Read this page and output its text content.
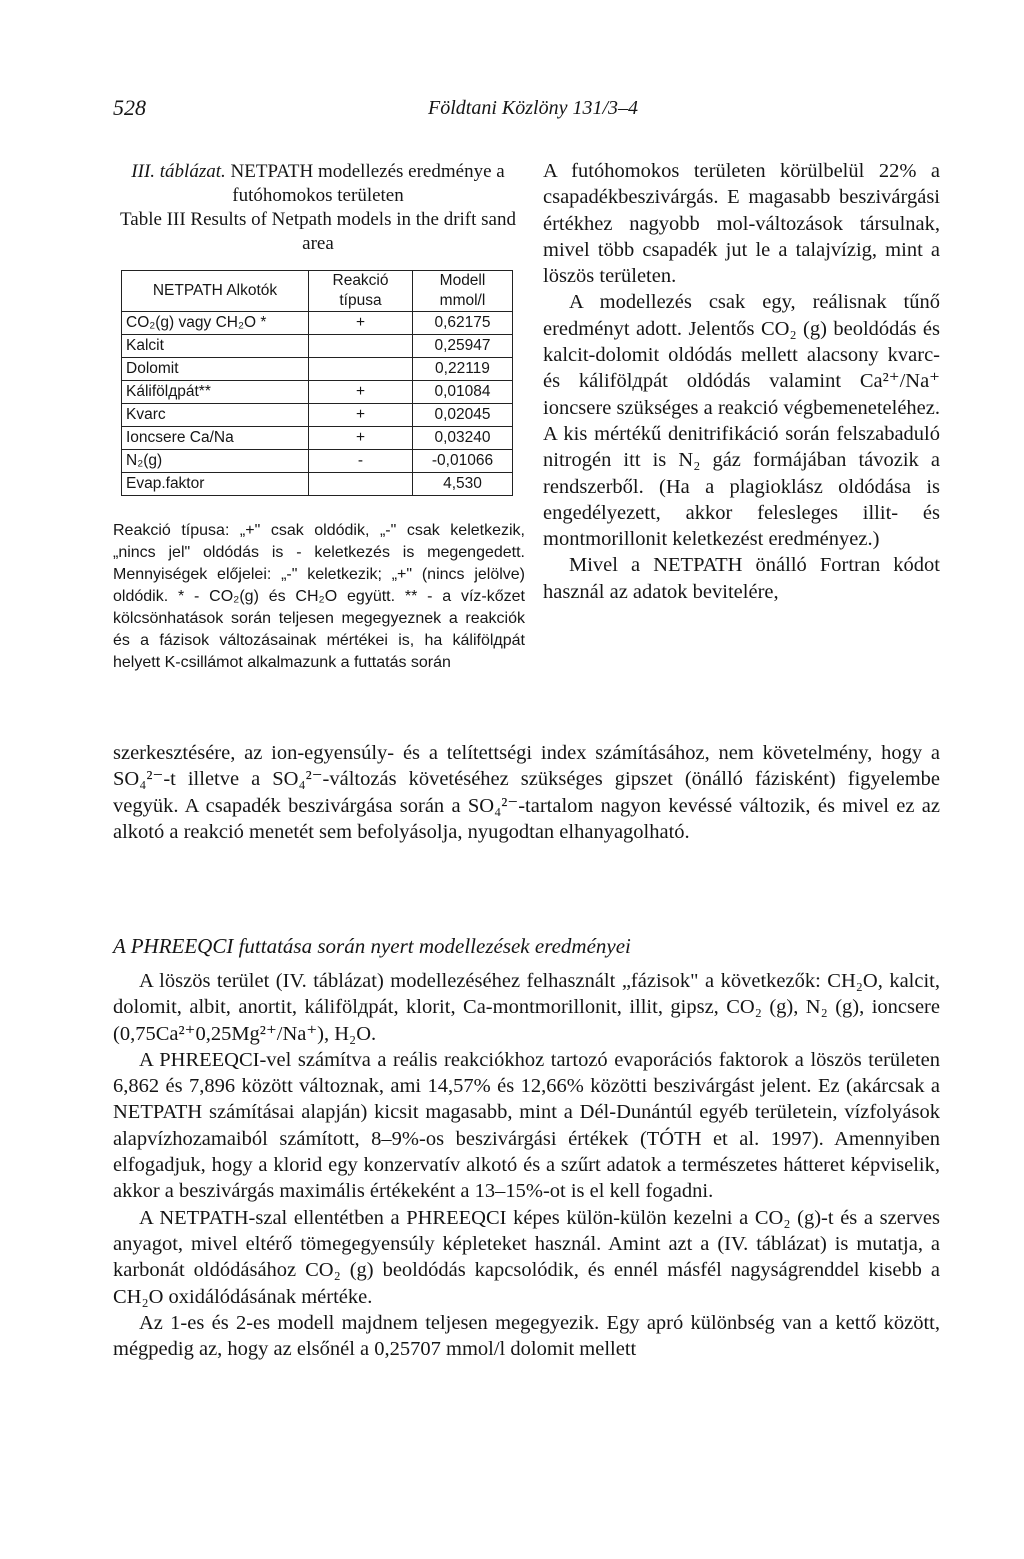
528	Földtani Közlöny 131/3–4
III. táblázat. NETPATH modellezés eredménye a futóhomokos területen
Table III Results of Netpath models in the drift sand area
NETPATH Alkotók	Reakció típusa	Modell mmol/l
CO₂(g) vagy CH₂O *	+	0,62175
Kalcit		0,25947
Dolomit		0,22119
Kálifölдpát**	+	0,01084
Kvarc	+	0,02045
Ioncsere Ca/Na	+	0,03240
N₂(g)	-	-0,01066
Evap.faktor		4,530
Reakció típusa: „+" csak oldódik, „-" csak keletkezik, „nincs jel" oldódás is - keletkezés is megengedett. Mennyiségek előjelei: „-" keletkezik; „+" (nincs jelölve) oldódik. * - CO₂(g) és CH₂O együtt. ** - a víz-kőzet kölcsönhatások során teljesen megegyeznek a reakciók és a fázisok változásainak mértékei is, ha kálifölдpát helyett K-csillámot alkalmazunk a futtatás során

A futóhomokos területen körülbelül 22% a csapadékbeszivárgás. E magasabb beszivárgási értékhez nagyobb mol-változások társulnak, mivel több csapadék jut le a talajvízig, mint a löszös területen.

A modellezés csak egy, reálisnak tűnő eredményt adott. Jelentős CO₂ (g) beoldódás és kalcit-dolomit oldódás mellett alacsony kvarc- és kálifölдpát oldódás valamint Ca²⁺/Na⁺ ioncsere szükséges a reakció végbemeneteléhez. A kis mértékű denitrifikáció során felszabaduló nitrogén itt is N₂ gáz formájában távozik a rendszerből. (Ha a plagioklász oldódása is engedélyezett, akkor felesleges illit- és montmorillonit keletkezést eredményez.)

Mivel a NETPATH önálló Fortran kódot használ az adatok bevitelére,

szerkesztésére, az ion-egyensúly- és a telítettségi index számításához, nem követelmény, hogy a SO₄²⁻-t illetve a SO₄²⁻-változás követéséhez szükséges gipszet (önálló fázisként) figyelembe vegyük. A csapadék beszivárgása során a SO₄²⁻-tartalom nagyon kevéssé változik, és mivel ez az alkotó a reakció menetét sem befolyásolja, nyugodtan elhanyagolható.

A PHREEQCI futtatása során nyert modellezések eredményei

A löszös terület (IV. táblázat) modellezéséhez felhasznált „fázisok" a következők: CH₂O, kalcit, dolomit, albit, anortit, kálifölдpát, klorit, Ca-montmorillonit, illit, gipsz, CO₂ (g), N₂ (g), ioncsere (0,75Ca²⁺0,25Mg²⁺/Na⁺), H₂O.

A PHREEQCI-vel számítva a reális reakciókhoz tartozó evaporációs faktorok a löszös területen 6,862 és 7,896 között változnak, ami 14,57% és 12,66% közötti beszivárgást jelent. Ez (akárcsak a NETPATH számításai alapján) kicsit magasabb, mint a Dél-Dunántúl egyéb területein, vízfolyások alapvízhozamaiból számított, 8–9%-os beszivárgási értékek (TÓTH et al. 1997). Amennyiben elfogadjuk, hogy a klorid egy konzervatív alkotó és a szűrt adatok a természetes hátteret képviselik, akkor a beszivárgás maximális értékeként a 13–15%-ot is el kell fogadni.

A NETPATH-szal ellentétben a PHREEQCI képes külön-külön kezelni a CO₂ (g)-t és a szerves anyagot, mivel eltérő tömegegyensúly képleteket használ. Amint azt a (IV. táblázat) is mutatja, a karbonát oldódásához CO₂ (g) beoldódás kapcsolódik, és ennél másfél nagyságrenddel kisebb a CH₂O oxidálódásának mértéke.

Az 1-es és 2-es modell majdnem teljesen megegyezik. Egy apró különbség van a kettő között, mégpedig az, hogy az elsőnél a 0,25707 mmol/l dolomit mellett
